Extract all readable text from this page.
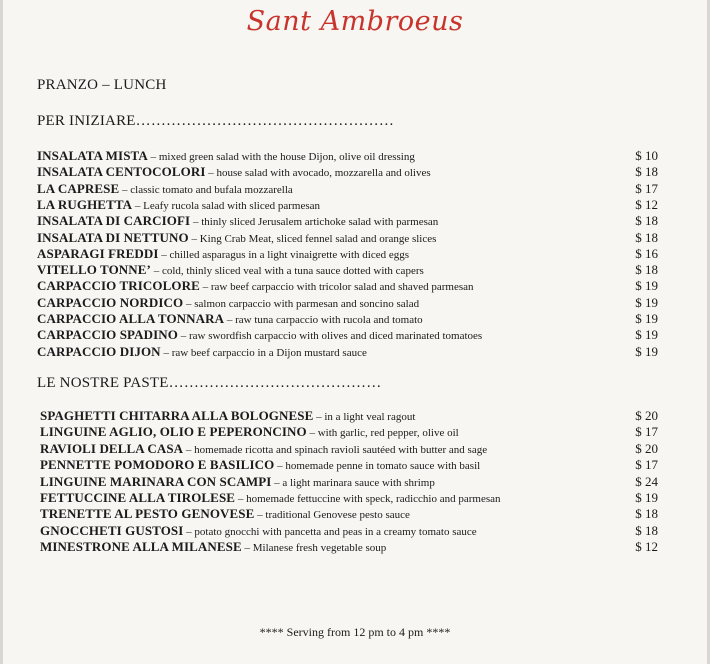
Sant Ambroeus
PRANZO – LUNCH
PER INIZIARE……………………………………………
INSALATA MISTA – mixed green salad with the house Dijon, olive oil dressing	$ 10
INSALATA CENTOCOLORI – house salad with avocado, mozzarella and olives	$ 18
LA CAPRESE – classic tomato and bufala mozzarella	$ 17
LA RUGHETTA – Leafy rucola salad with sliced parmesan	$ 12
INSALATA DI CARCIOFI – thinly sliced Jerusalem artichoke salad with parmesan	$ 18
INSALATA DI NETTUNO – King Crab Meat, sliced fennel salad and orange slices	$ 18
ASPARAGI FREDDI – chilled asparagus in a light vinaigrette with diced eggs	$ 16
VITELLO TONNE’ – cold, thinly sliced veal with a tuna sauce dotted with capers	$ 18
CARPACCIO TRICOLORE – raw beef carpaccio with tricolor salad and shaved parmesan	$ 19
CARPACCIO NORDICO – salmon carpaccio with parmesan and soncino salad	$ 19
CARPACCIO ALLA TONNARA – raw tuna carpaccio with rucola and tomato	$ 19
CARPACCIO SPADINO – raw swordfish carpaccio with olives and diced marinated tomatoes	$ 19
CARPACCIO DIJON – raw beef carpaccio in a Dijon mustard sauce	$ 19
LE NOSTRE PASTE……………………………………
SPAGHETTI CHITARRA ALLA BOLOGNESE – in a light veal ragout	$ 20
LINGUINE AGLIO, OLIO E PEPERONCINO – with garlic, red pepper, olive oil	$ 17
RAVIOLI DELLA CASA – homemade ricotta and spinach ravioli sautéed with butter and sage	$ 20
PENNETTE POMODORO E BASILICO – homemade penne in tomato sauce with basil	$ 17
LINGUINE MARINARA CON SCAMPI – a light marinara sauce with shrimp	$ 24
FETTUCCINE ALLA TIROLESE – homemade fettuccine with speck, radicchio and parmesan	$ 19
TRENETTE AL PESTO GENOVESE – traditional Genovese pesto sauce	$ 18
GNOCCHETI GUSTOSI – potato gnocchi with pancetta and peas in a creamy tomato sauce	$ 18
MINESTRONE ALLA MILANESE – Milanese fresh vegetable soup	$ 12
**** Serving from 12 pm to 4 pm ****
